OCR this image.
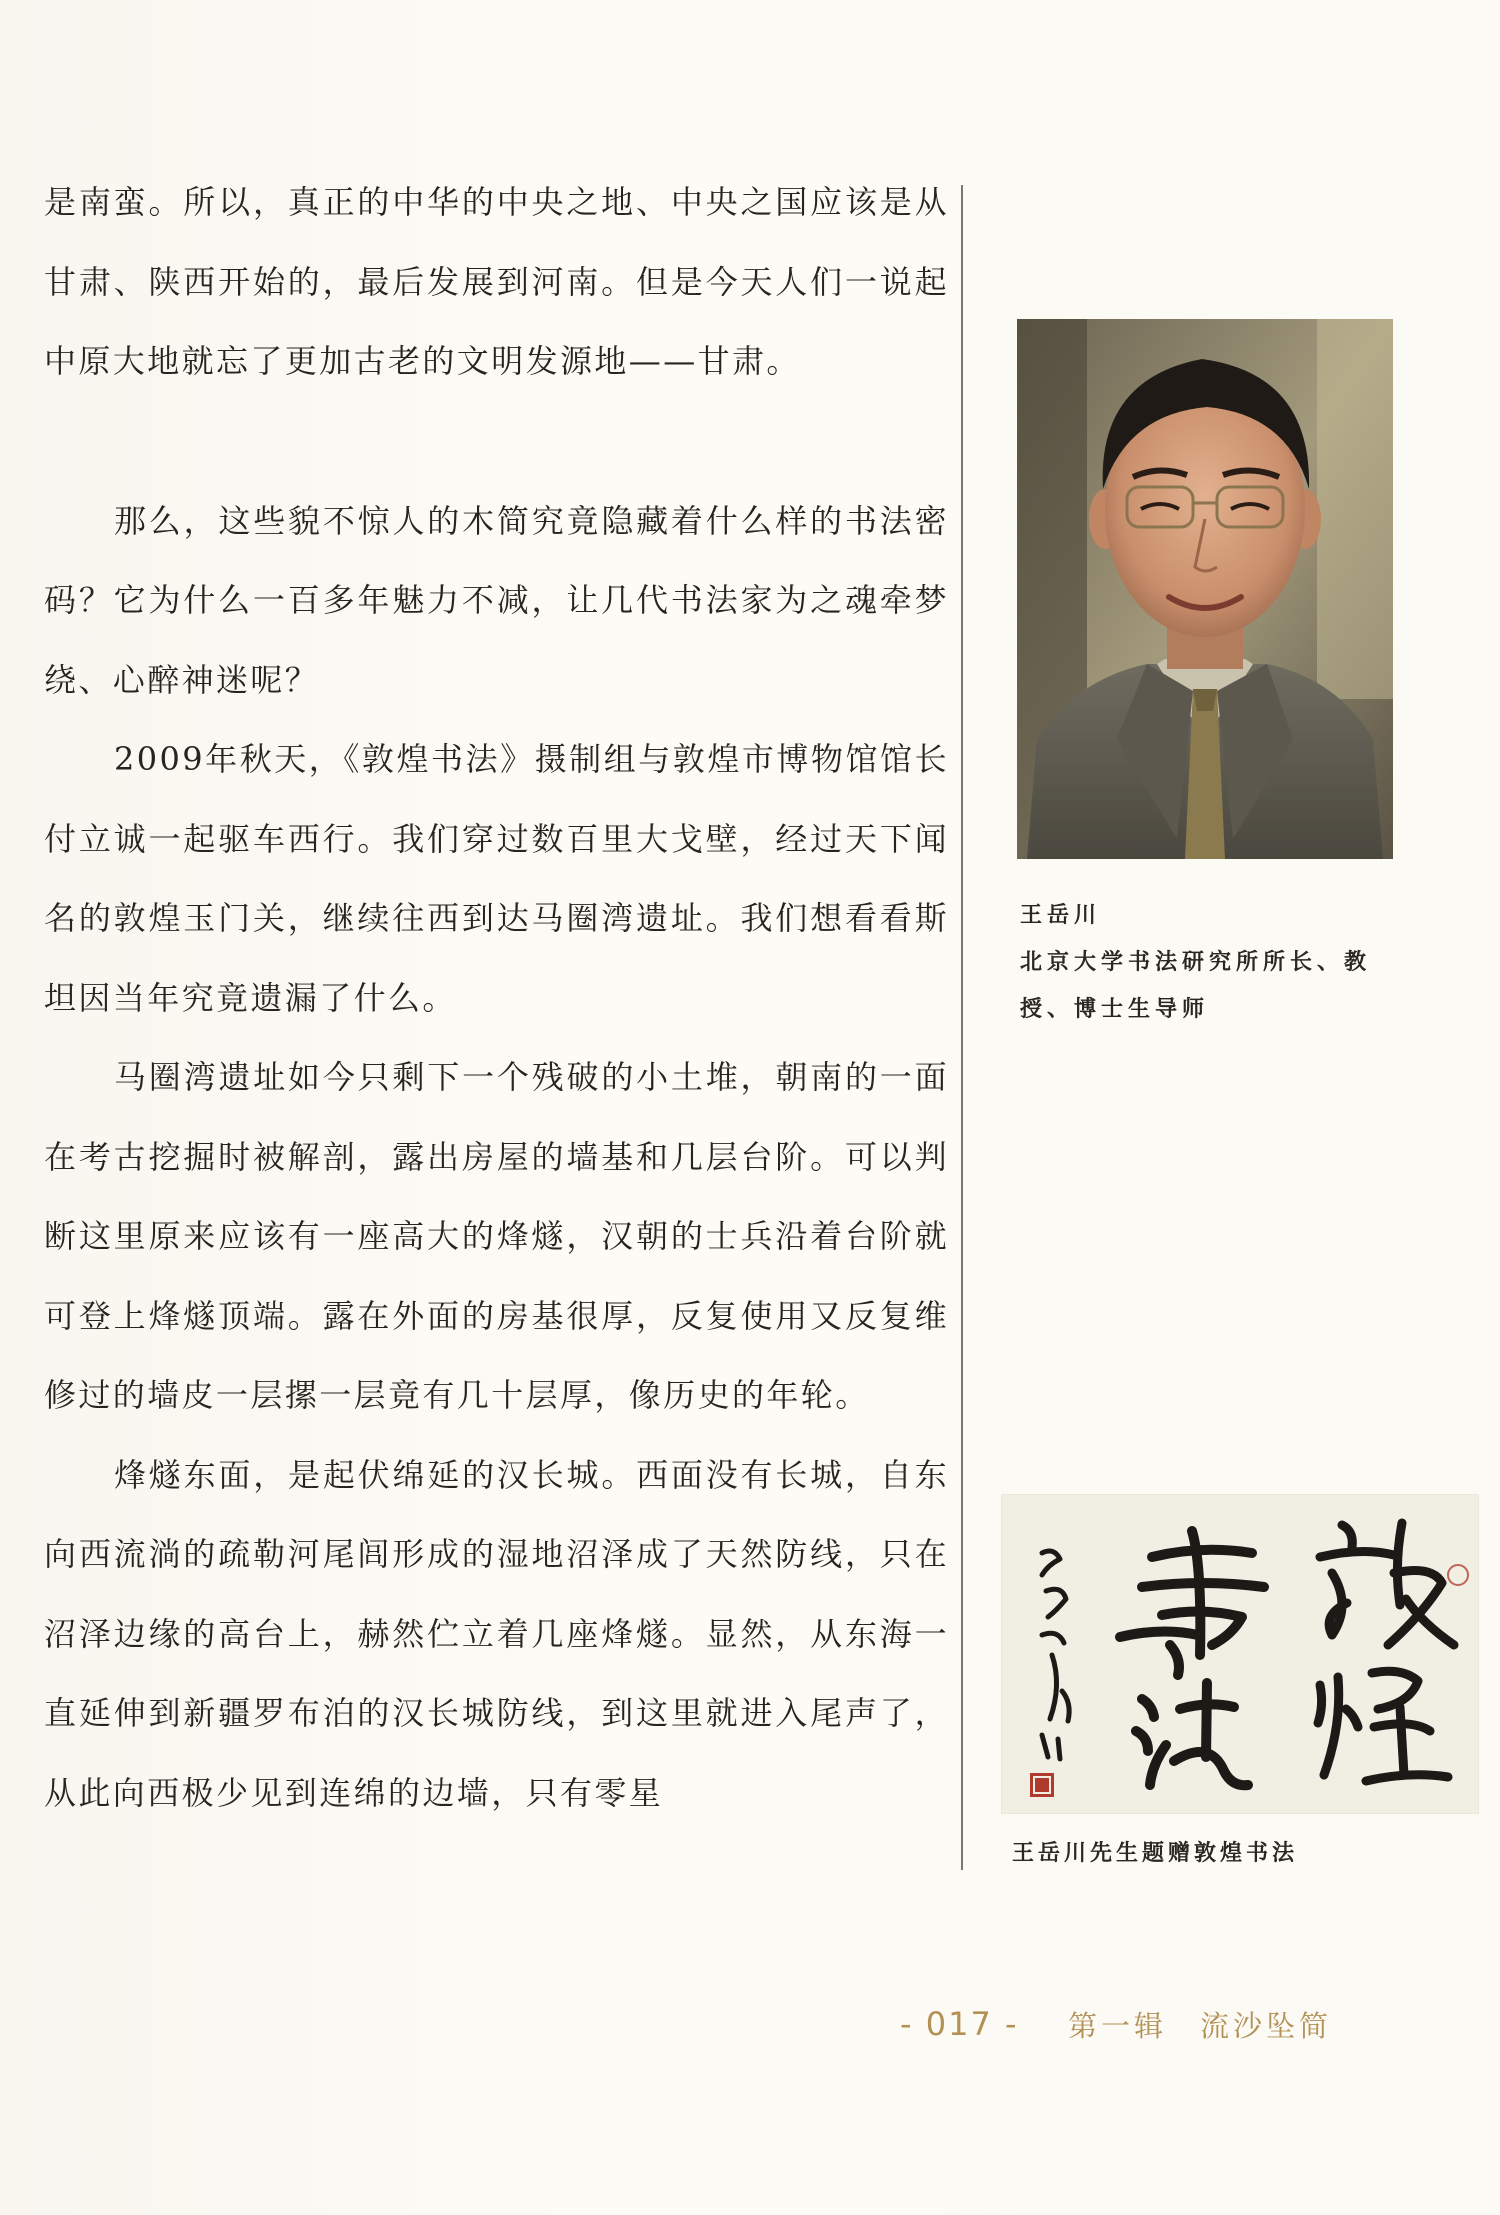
是南蛮。所以，真正的中华的中央之地、中央之国应该是从甘肃、陕西开始的，最后发展到河南。但是今天人们一说起中原大地就忘了更加古老的文明发源地——甘肃。

那么，这些貌不惊人的木简究竟隐藏着什么样的书法密码？它为什么一百多年魅力不减，让几代书法家为之魂牵梦绕、心醉神迷呢？

2009年秋天，《敦煌书法》摄制组与敦煌市博物馆馆长付立诚一起驱车西行。我们穿过数百里大戈壁，经过天下闻名的敦煌玉门关，继续往西到达马圈湾遗址。我们想看看斯坦因当年究竟遗漏了什么。

马圈湾遗址如今只剩下一个残破的小土堆，朝南的一面在考古挖掘时被解剖，露出房屋的墙基和几层台阶。可以判断这里原来应该有一座高大的烽燧，汉朝的士兵沿着台阶就可登上烽燧顶端。露在外面的房基很厚，反复使用又反复维修过的墙皮一层摞一层竟有几十层厚，像历史的年轮。

烽燧东面，是起伏绵延的汉长城。西面没有长城，自东向西流淌的疏勒河尾闾形成的湿地沼泽成了天然防线，只在沼泽边缘的高台上，赫然伫立着几座烽燧。显然，从东海一直延伸到新疆罗布泊的汉长城防线，到这里就进入尾声了，从此向西极少见到连绵的边墙，只有零星

王岳川
北京大学书法研究所所长、教授、博士生导师
王岳川先生题赠敦煌书法
- 017 - 第一辑　流沙坠简
